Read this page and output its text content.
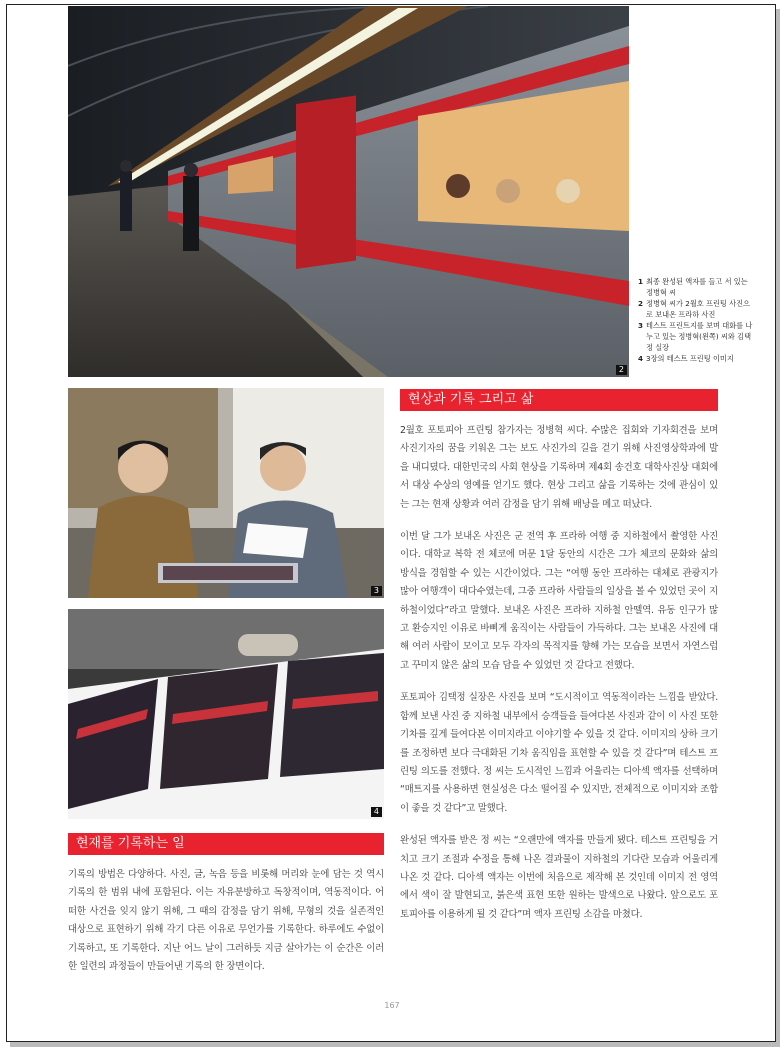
2
1 최종 완성된 액자를 들고 서 있는 정병혁 씨
2 정병혁 씨가 2월호 프린팅 사진으로 보내온 프라하 사진
3 테스트 프린트지를 보며 대화를 나누고 있는 정병혁(왼쪽) 씨와 김택정 실장
4 3장의 테스트 프린팅 이미지
3
4
현상과 기록 그리고 삶

2월호 포토피아 프린팅 참가자는 정병혁 씨다. 수많은 집회와 기자회견을 보며 사진기자의 꿈을 키워온 그는 보도 사진가의 길을 걷기 위해 사진영상학과에 발을 내디뎠다. 대한민국의 사회 현상을 기록하며 제4회 송건호 대학사진상 대회에서 대상 수상의 영예를 얻기도 했다. 현상 그리고 삶을 기록하는 것에 관심이 있는 그는 현재 상황과 여러 감정을 담기 위해 배낭을 메고 떠났다.

이번 달 그가 보내온 사진은 군 전역 후 프라하 여행 중 지하철에서 촬영한 사진이다. 대학교 복학 전 체코에 머문 1달 동안의 시간은 그가 체코의 문화와 삶의 방식을 경험할 수 있는 시간이었다. 그는 “여행 동안 프라하는 대체로 관광지가 많아 여행객이 대다수였는데, 그중 프라하 사람들의 일상을 볼 수 있었던 곳이 지하철이었다”라고 말했다. 보내온 사진은 프라하 지하철 안뗄역. 유동 인구가 많고 환승지인 이유로 바삐게 움직이는 사람들이 가득하다. 그는 보내온 사진에 대해 여러 사람이 모이고 모두 각자의 목적지를 향해 가는 모습을 보면서 자연스럽고 꾸미지 않은 삶의 모습 담을 수 있었던 것 같다고 전했다.

포토피아 김택정 실장은 사진을 보며 “도시적이고 역동적이라는 느낌을 받았다. 함께 보낸 사진 중 지하철 내부에서 승객들을 들여다본 사진과 같이 이 사진 또한 기차를 깊게 들여다본 이미지라고 이야기할 수 있을 것 같다. 이미지의 상하 크기를 조정하면 보다 극대화된 기차 움직임을 표현할 수 있을 것 같다”며 테스트 프린팅 의도를 전했다. 정 씨는 도시적인 느낌과 어울리는 디아섹 액자를 선택하며 “매트지를 사용하면 현실성은 다소 떨어질 수 있지만, 전체적으로 이미지와 조합이 좋을 것 같다”고 말했다.

완성된 액자를 받은 정 씨는 “오랜만에 액자를 만들게 됐다. 테스트 프린팅을 거치고 크기 조절과 수정을 통해 나온 결과물이 지하철의 기다란 모습과 어울리게 나온 것 같다. 디아섹 액자는 이번에 처음으로 제작해 본 것인데 이미지 전 영역에서 색이 잘 발현되고, 붉은색 표현 또한 원하는 발색으로 나왔다. 앞으로도 포토피아를 이용하게 될 것 같다”며 액자 프린팅 소감을 마쳤다.

현재를 기록하는 일

기록의 방법은 다양하다. 사진, 글, 녹음 등을 비롯해 머리와 눈에 담는 것 역시 기록의 한 범위 내에 포함된다. 이는 자유분방하고 독창적이며, 역동적이다. 어떠한 사건을 잊지 않기 위해, 그 때의 감정을 담기 위해, 무형의 것을 실존적인 대상으로 표현하기 위해 각기 다른 이유로 무언가를 기록한다. 하루에도 수없이 기록하고, 또 기록한다. 지난 어느 날이 그러하듯 지금 살아가는 이 순간은 이러한 일련의 과정들이 만들어낸 기록의 한 장면이다.

167
